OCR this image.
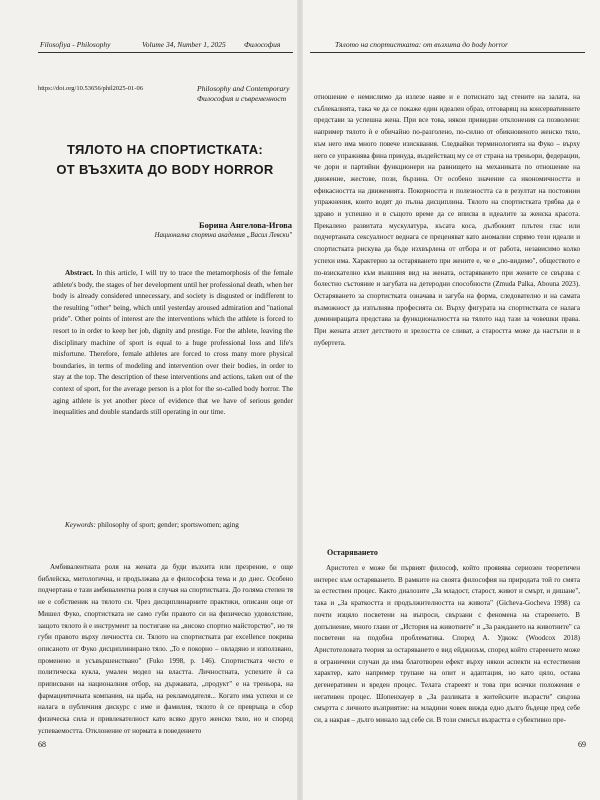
Filosofiya - Philosophy	Volume 34, Number 1, 2025 Философия
https://doi.org/10.53656/phil2025-01-06	Philosophy and Contemporary
Философия и съвременност
ТЯЛОТО НА СПОРТИСТКАТА:
ОТ ВЪЗХИТА ДО BODY HORROR
Борина Ангелова-Игова
Национална спортна академия „Васил Левски"

Abstract. In this article, I will try to trace the metamorphosis of the female athlete's body, the stages of her development until her professional death, when her body is already considered unnecessary, and society is disgusted or indifferent to the resulting "other" being, which until yesterday aroused admiration and "national pride". Other points of interest are the interventions which the athlete is forced to resort to in order to keep her job, dignity and prestige. For the athlete, leaving the disciplinary machine of sport is equal to a huge professional loss and life's misfortune. Therefore, female athletes are forced to cross many more physical boundaries, in terms of modeling and intervention over their bodies, in order to stay at the top. The description of these interventions and actions, taken out of the context of sport, for the average person is a plot for the so-called body horror. The aging athlete is yet another piece of evidence that we have of serious gender inequalities and double standards still operating in our time.

Keywords: philosophy of sport; gender; sportswomen; aging

Амбивалентната роля на жената да буди възхита или презрение, е още библейска, митологична, и продължава да е философска тема и до днес. Особено подчертана е тази амбивалентна роля в случая на спортистката. До голяма степен тя не е собственик на тялото си. Чрез дисциплинарните практики, описани още от Мишел Фуко, спортистката не само губи правото си на физическо удоволствие, защото тялото ѝ е инструмент за постигане на „високо спортно майсторство", но тя губи правото върху личността си. Тялото на спортистката par excellence покрива описаното от Фуко дисциплинирано тяло. „То е покорно – овладяно и използвано, променено и усъвършенствано" (Fuko 1998, p. 146). Спортистката често е политическа кукла, умален модел на властта. Личностната, успехите ѝ са приписвани на националния отбор, на държавата, „продукт" е на треньора, на фармацевтичната компания, на щаба, на рекламодателя... Когато има успехи и се налага в публичния дискурс с име и фамилия, тялото ѝ се превръща в сбор физическа сила и привлекателност като всяко друго женско тяло, но и според успеваемостта. Отклонение от нормата в поведението

68
Тялото на спортистката: от възхита до body horror

отношение е немислимо да излезе наяве и е потиснато зад стените на залата, на съблекалнята, така че да се покаже един идеален образ, отговарящ на консервативните представи за успешна жена. При все това, някои привидни отклонения са позволени: например тялото ѝ е обичайно по-разголено, по-силно от обикновеното женско тяло, към него има много повече изисквания. Следвайки терминологията на Фуко – върху него се упражнява фина принуда, въздействащ му се от страна на треньори, федерации, че дори и партийни функционери на равнището на механиката по отношение на движение, жестове, пози, бързина. От особено значение са икономичността и ефикасността на движенията. Покорността и полезността са в резултат на постоянни упражнения, които водят до пълна дисциплина. Тялото на спортистката трябва да е здраво и успешно и в същото време да се вписва в идеалите за женска красота. Прекалено развитата мускулатура, късата коса, дълбокият плътен глас или подчертаната сексуалност веднага се преценяват като аномални спрямо тези идеали и спортистката рискува да бъде изхвърлена от отбора и от работа, независимо колко успехи има. Характерно за остаряването при жените е, че е „по-видимо", обществото е по-взискателно към външния вид на жената, остаряването при жените се свързва с болестно състояние и загубата на детеродни способности (Zmuda Palka, Abouna 2023). Остаряването за спортистката означава и загуба на форма, следователно и на самата възможност да изпълнява професията си. Върху фигурата на спортистката се налага доминиращата представа за функционалността на тялото над тази за човешки права. При жената атлет детството и зрелостта се сливат, а старостта може да настъпи и в пубертета.

Остаряването

Аристотел е може би първият философ, който проявява сериозен теоретичен интерес към остаряването. В рамките на своята философия на природата той го смята за естествен процес. Както диалозите „За младост, старост, живот и смърт, и дишане", така и „За краткостта и продължителността на живота" (Gicheva-Gocheva 1998) са почти изцяло посветени на въпроси, свързани с феномена на стареенето. В допълнение, много глави от „История на животните" и „За раждането на животните" са посветени на подобна проблематика. Според А. Удкокс (Woodcox 2018) Аристотеловата теория за остаряването е вид ейджизъм, според който стареенето може в ограничени случаи да има благотворен ефект върху някои аспекти на естествения характер, като например трупане на опит и адаптация, но като цяло, остава дегенеративен и вреден процес. Телата старееят и това при всички положения е негативен процес. Шопенхауер в „За разликата в житейските възрасти" свързва смъртта с личното възприятие: на младини човек вижда едно дълго бъдеще пред себе си, а накрая – дълго минало зад себе си. В този смисъл възрастта е субективно пре-

69
